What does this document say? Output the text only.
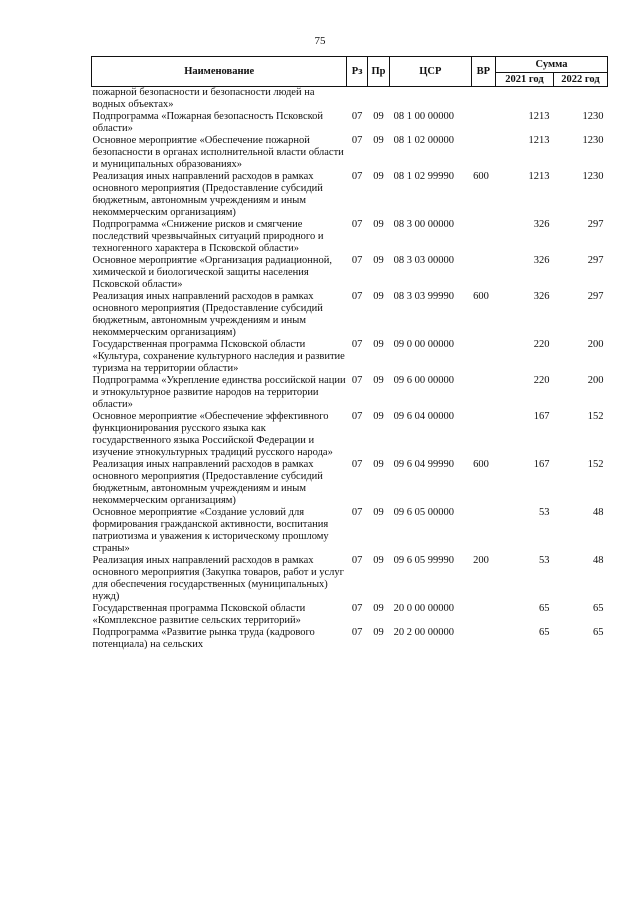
75
Наименование	Рз	Пр	ЦСР	ВР	Сумма	
					2021 год	2022 год
пожарной безопасности и безопасности людей на водных объектах»						
Подпрограмма «Пожарная безопасность Псковской области»	07	09	08 1 00 00000		1213	1230
Основное мероприятие «Обеспечение пожарной безопасности в органах исполнительной власти области и муниципальных образованиях»	07	09	08 1 02 00000		1213	1230
Реализация иных направлений расходов в рамках основного мероприятия (Предоставление субсидий бюджетным, автономным учреждениям и иным некоммерческим организациям)	07	09	08 1 02 99990	600	1213	1230
Подпрограмма «Снижение рисков и смягчение последствий чрезвычайных ситуаций природного и техногенного характера в Псковской области»	07	09	08 3 00 00000		326	297
Основное мероприятие «Организация радиационной, химической и биологической защиты населения Псковской области»	07	09	08 3 03 00000		326	297
Реализация иных направлений расходов в рамках основного мероприятия (Предоставление субсидий бюджетным, автономным учреждениям и иным некоммерческим организациям)	07	09	08 3 03 99990	600	326	297
Государственная программа Псковской области «Культура, сохранение культурного наследия и развитие туризма на территории области»	07	09	09 0 00 00000		220	200
Подпрограмма «Укрепление единства российской нации и этнокультурное развитие народов на территории области»	07	09	09 6 00 00000		220	200
Основное мероприятие «Обеспечение эффективного функционирования русского языка как государственного языка Российской Федерации и изучение этнокультурных традиций русского народа»	07	09	09 6 04 00000		167	152
Реализация иных направлений расходов в рамках основного мероприятия (Предоставление субсидий бюджетным, автономным учреждениям и иным некоммерческим организациям)	07	09	09 6 04 99990	600	167	152
Основное мероприятие «Создание условий для формирования гражданской активности, воспитания патриотизма и уважения к историческому прошлому страны»	07	09	09 6 05 00000		53	48
Реализация иных направлений расходов в рамках основного мероприятия (Закупка товаров, работ и услуг для обеспечения государственных (муниципальных) нужд)	07	09	09 6 05 99990	200	53	48
Государственная программа Псковской области «Комплексное развитие сельских территорий»	07	09	20 0 00 00000		65	65
Подпрограмма «Развитие рынка труда (кадрового потенциала) на сельских	07	09	20 2 00 00000		65	65
